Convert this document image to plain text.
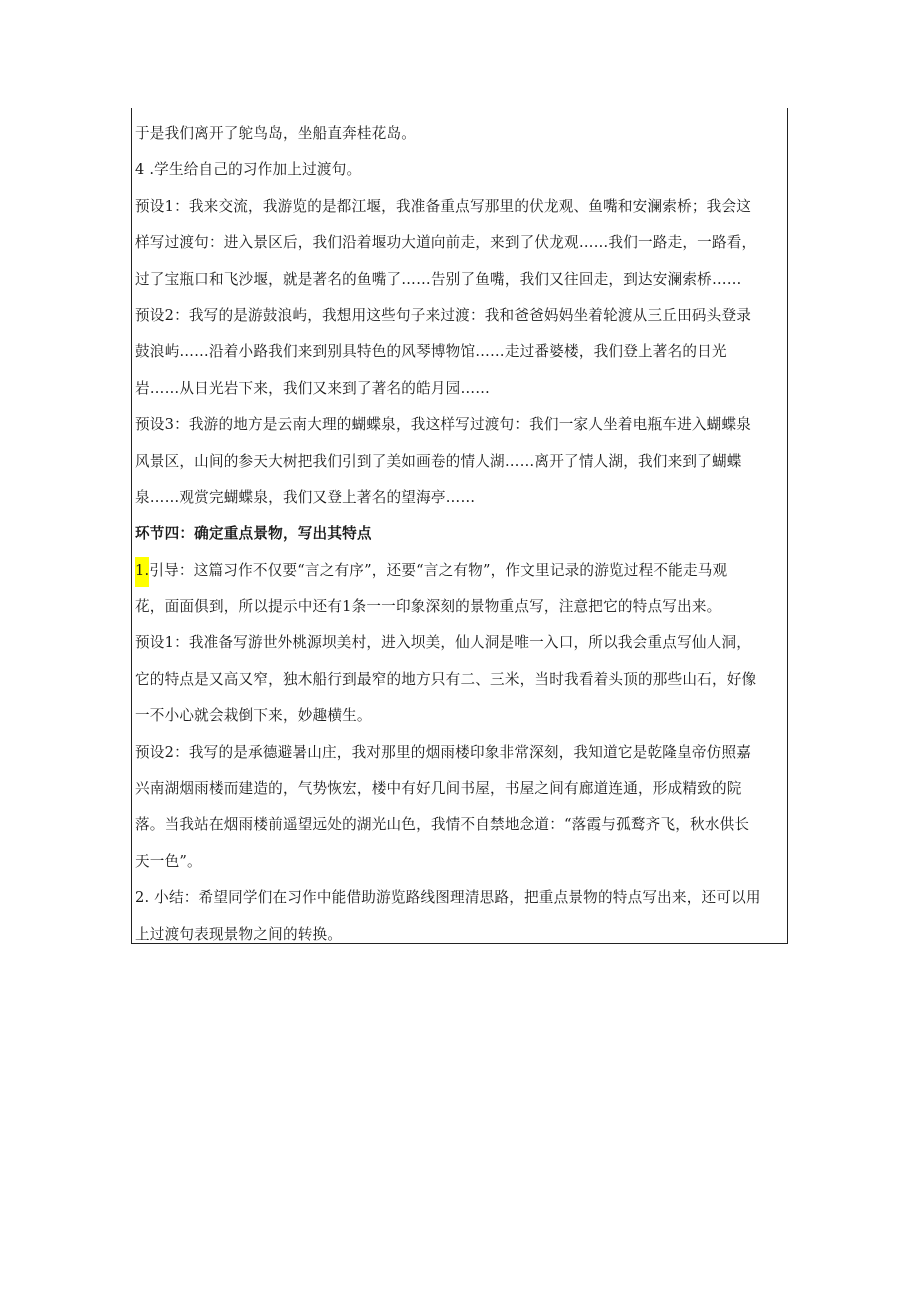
于是我们离开了鸵鸟岛，坐船直奔桂花岛。
4 .学生给自己的习作加上过渡句。
预设1：我来交流，我游览的是都江堰，我准备重点写那里的伏龙观、鱼嘴和安澜索桥；我会这
样写过渡句：进入景区后，我们沿着堰功大道向前走，来到了伏龙观……我们一路走，一路看，
过了宝瓶口和飞沙堰，就是著名的鱼嘴了……告别了鱼嘴，我们又往回走，到达安澜索桥……
预设2：我写的是游鼓浪屿，我想用这些句子来过渡：我和爸爸妈妈坐着轮渡从三丘田码头登录
鼓浪屿……沿着小路我们来到别具特色的风琴博物馆……走过番婆楼，我们登上著名的日光
岩……从日光岩下来，我们又来到了著名的皓月园……
预设3：我游的地方是云南大理的蝴蝶泉，我这样写过渡句：我们一家人坐着电瓶车进入蝴蝶泉
风景区，山间的参天大树把我们引到了美如画卷的情人湖……离开了情人湖，我们来到了蝴蝶
泉……观赏完蝴蝶泉，我们又登上著名的望海亭……
环节四：确定重点景物，写出其特点
1.引导：这篇习作不仅要“言之有序”，还要“言之有物”，作文里记录的游览过程不能走马观
花，面面俱到，所以提示中还有1条一一印象深刻的景物重点写，注意把它的特点写出来。
预设1：我准备写游世外桃源坝美村，进入坝美，仙人洞是唯一入口，所以我会重点写仙人洞，
它的特点是又高又窄，独木船行到最窄的地方只有二、三米，当时我看着头顶的那些山石，好像
一不小心就会栽倒下来，妙趣横生。
预设2：我写的是承德避暑山庄，我对那里的烟雨楼印象非常深刻，我知道它是乾隆皇帝仿照嘉
兴南湖烟雨楼而建造的，气势恢宏，楼中有好几间书屋，书屋之间有廊道连通，形成精致的院
落。当我站在烟雨楼前遥望远处的湖光山色，我情不自禁地念道：“落霞与孤鹜齐飞，秋水供长
天一色”。
2. 小结：希望同学们在习作中能借助游览路线图理清思路，把重点景物的特点写出来，还可以用
上过渡句表现景物之间的转换。
